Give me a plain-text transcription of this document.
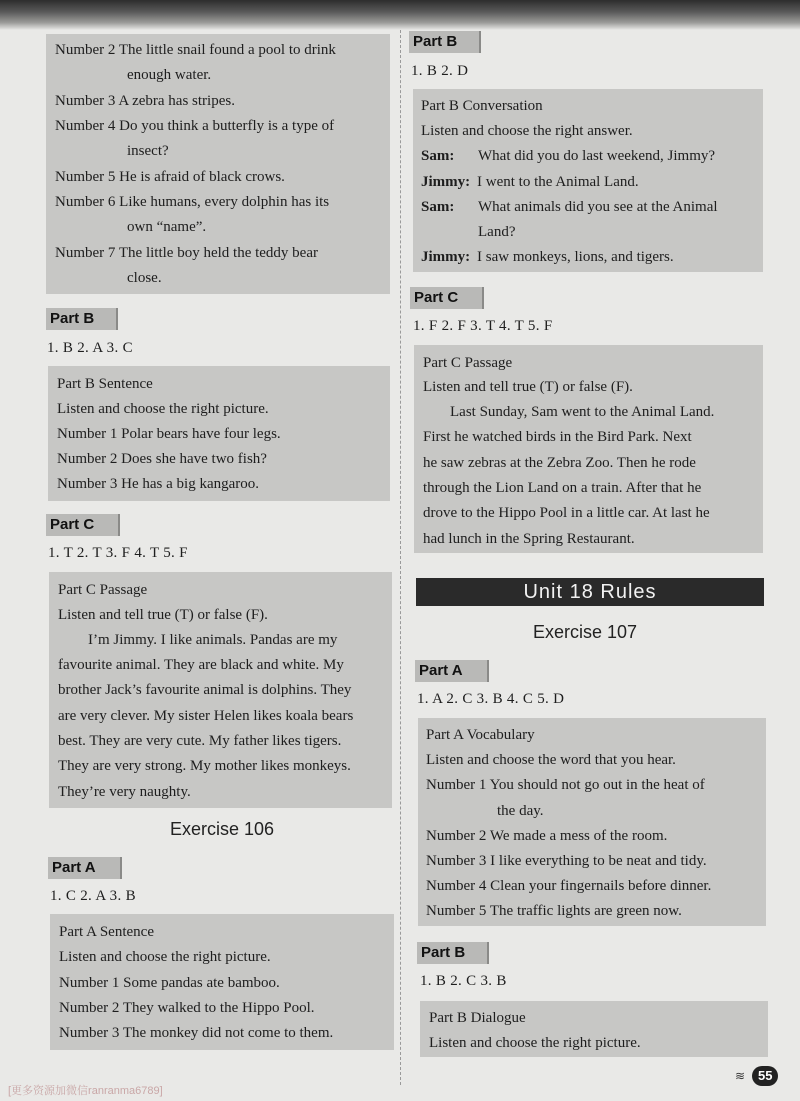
Number 2 The little snail found a pool to drink
enough water.
Number 3 A zebra has stripes.
Number 4 Do you think a butterfly is a type of
insect?
Number 5 He is afraid of black crows.
Number 6 Like humans, every dolphin has its
own “name”.
Number 7 The little boy held the teddy bear
close.
Part B
1. B 2. A 3. C
Part B Sentence
Listen and choose the right picture.
Number 1 Polar bears have four legs.
Number 2 Does she have two fish?
Number 3 He has a big kangaroo.
Part C
1. T 2. T 3. F 4. T 5. F
Part C Passage
Listen and tell true (T) or false (F).
I’m Jimmy. I like animals. Pandas are my
favourite animal. They are black and white. My
brother Jack’s favourite animal is dolphins. They
are very clever. My sister Helen likes koala bears
best. They are very cute. My father likes tigers.
They are very strong. My mother likes monkeys.
They’re very naughty.
Exercise 106
Part A
1. C 2. A 3. B
Part A Sentence
Listen and choose the right picture.
Number 1 Some pandas ate bamboo.
Number 2 They walked to the Hippo Pool.
Number 3 The monkey did not come to them.
Part B
1. B 2. D
Part B Conversation
Listen and choose the right answer.
Sam: What did you do last weekend, Jimmy?
Jimmy: I went to the Animal Land.
Sam: What animals did you see at the Animal
Land?
Jimmy: I saw monkeys, lions, and tigers.
Part C
1. F 2. F 3. T 4. T 5. F
Part C Passage
Listen and tell true (T) or false (F).
Last Sunday, Sam went to the Animal Land.
First he watched birds in the Bird Park. Next
he saw zebras at the Zebra Zoo. Then he rode
through the Lion Land on a train. After that he
drove to the Hippo Pool in a little car. At last he
had lunch in the Spring Restaurant.
Unit 18 Rules
Exercise 107
Part A
1. A 2. C 3. B 4. C 5. D
Part A Vocabulary
Listen and choose the word that you hear.
Number 1 You should not go out in the heat of
the day.
Number 2 We made a mess of the room.
Number 3 I like everything to be neat and tidy.
Number 4 Clean your fingernails before dinner.
Number 5 The traffic lights are green now.
Part B
1. B 2. C 3. B
Part B Dialogue
Listen and choose the right picture.
≋ 55
[更多资源加微信ranranma6789]
